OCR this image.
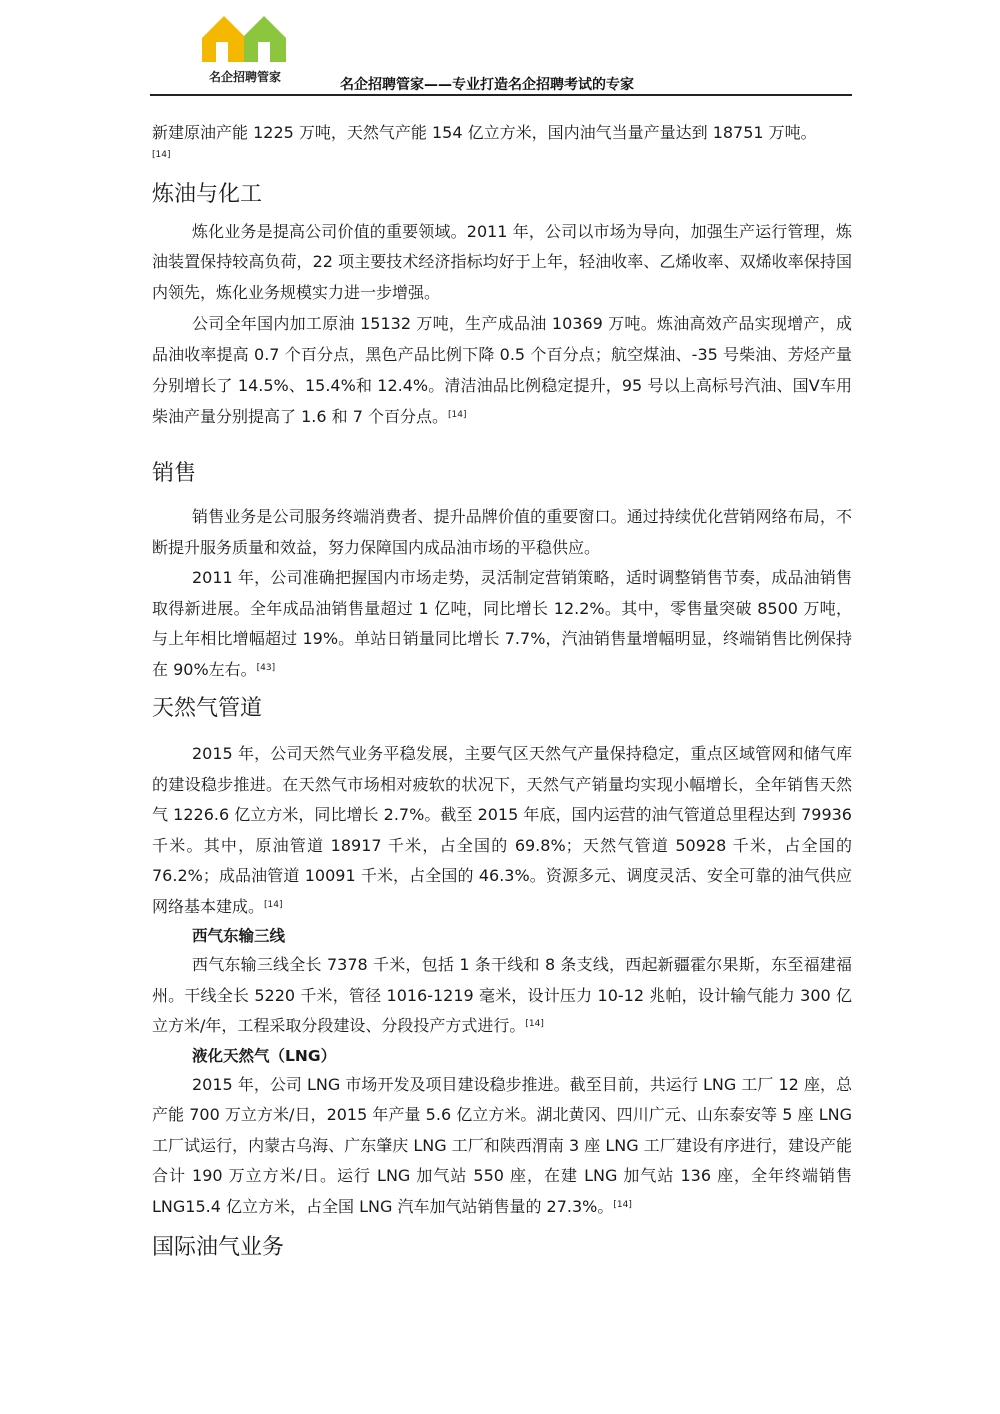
名企招聘管家	名企招聘管家——专业打造名企招聘考试的专家

新建原油产能 1225 万吨，天然气产能 154 亿立方米，国内油气当量产量达到 18751 万吨。

[14]

炼油与化工

炼化业务是提高公司价值的重要领域。2011 年，公司以市场为导向，加强生产运行管理，炼油装置保持较高负荷，22 项主要技术经济指标均好于上年，轻油收率、乙烯收率、双烯收率保持国内领先，炼化业务规模实力进一步增强。

公司全年国内加工原油 15132 万吨，生产成品油 10369 万吨。炼油高效产品实现增产，成品油收率提高 0.7 个百分点，黑色产品比例下降 0.5 个百分点；航空煤油、-35 号柴油、芳烃产量分别增长了 14.5%、15.4%和 12.4%。清洁油品比例稳定提升，95 号以上高标号汽油、国Ⅴ车用柴油产量分别提高了 1.6 和 7 个百分点。[14]

销售

销售业务是公司服务终端消费者、提升品牌价值的重要窗口。通过持续优化营销网络布局，不断提升服务质量和效益，努力保障国内成品油市场的平稳供应。

2011 年，公司准确把握国内市场走势，灵活制定营销策略，适时调整销售节奏，成品油销售取得新进展。全年成品油销售量超过 1 亿吨，同比增长 12.2%。其中，零售量突破 8500 万吨，与上年相比增幅超过 19%。单站日销量同比增长 7.7%，汽油销售量增幅明显，终端销售比例保持在 90%左右。[43]

天然气管道

2015 年，公司天然气业务平稳发展，主要气区天然气产量保持稳定，重点区域管网和储气库的建设稳步推进。在天然气市场相对疲软的状况下，天然气产销量均实现小幅增长，全年销售天然气 1226.6 亿立方米，同比增长 2.7%。截至 2015 年底，国内运营的油气管道总里程达到 79936 千米。其中，原油管道 18917 千米，占全国的 69.8%；天然气管道 50928 千米，占全国的 76.2%；成品油管道 10091 千米，占全国的 46.3%。资源多元、调度灵活、安全可靠的油气供应网络基本建成。[14]

西气东输三线

西气东输三线全长 7378 千米，包括 1 条干线和 8 条支线，西起新疆霍尔果斯，东至福建福州。干线全长 5220 千米，管径 1016-1219 毫米，设计压力 10-12 兆帕，设计输气能力 300 亿立方米/年，工程采取分段建设、分段投产方式进行。[14]

液化天然气（LNG）

2015 年，公司 LNG 市场开发及项目建设稳步推进。截至目前，共运行 LNG 工厂 12 座，总产能 700 万立方米/日，2015 年产量 5.6 亿立方米。湖北黄冈、四川广元、山东泰安等 5 座 LNG 工厂试运行，内蒙古乌海、广东肇庆 LNG 工厂和陕西渭南 3 座 LNG 工厂建设有序进行，建设产能合计 190 万立方米/日。运行 LNG 加气站 550 座，在建 LNG 加气站 136 座，全年终端销售 LNG15.4 亿立方米，占全国 LNG 汽车加气站销售量的 27.3%。[14]

国际油气业务
